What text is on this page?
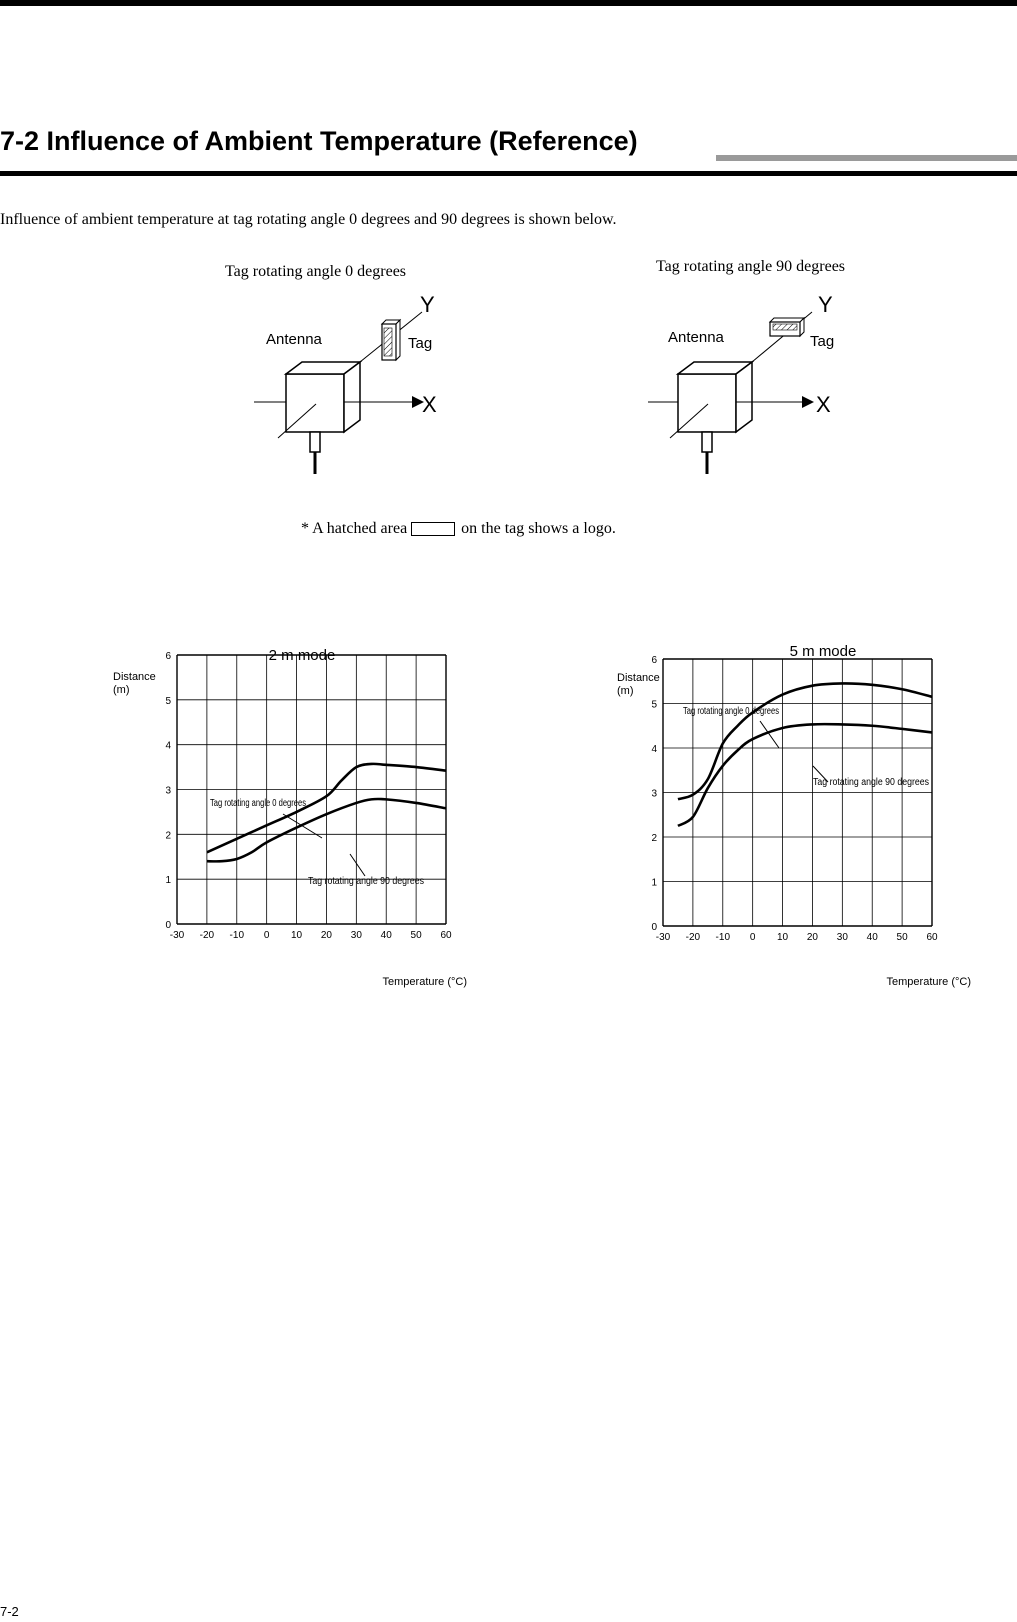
7-2 Influence of Ambient Temperature (Reference)
Influence of ambient temperature at tag rotating angle 0 degrees and 90 degrees is shown below.
Tag rotating angle 0 degrees	Tag rotating angle 90 degrees
Antenna	Tag
Y
X
Antenna	Tag
Y
X
* A hatched area	on the tag shows a logo.
2 m mode
Distance
(m)
Temperature (°C)
0
1
2
3
4
5
6
-30 -20 -10 0 10 20 30 40 50 60
Tag rotating angle 0 degrees
Tag rotating angle 90 degrees
5 m mode
Distance
(m)
Temperature (°C)
0
1
2
3
4
5
6
-30 -20 -10 0 10 20 30 40 50 60
Tag rotating angle 0 degrees
Tag rotating angle 90 degrees
7-2
